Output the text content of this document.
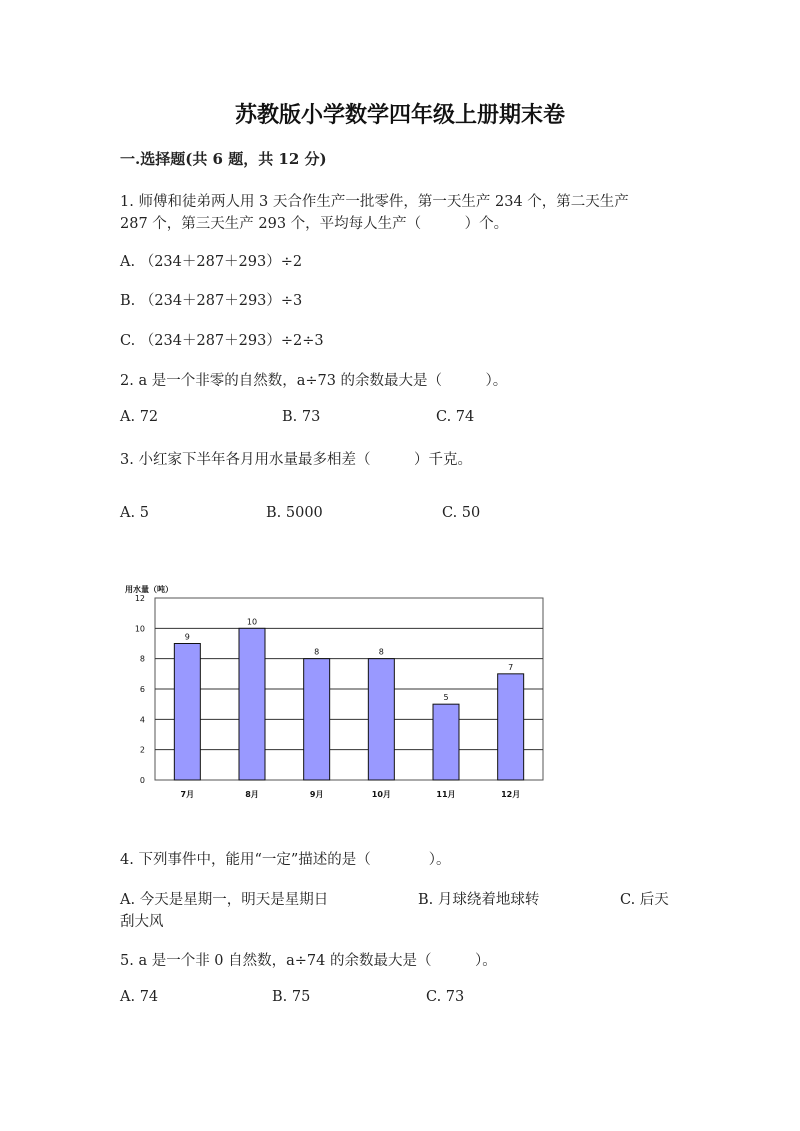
苏教版小学数学四年级上册期末卷
一.选择题(共 6 题，共 12 分)
1. 师傅和徒弟两人用 3 天合作生产一批零件，第一天生产 234 个，第二天生产
287 个，第三天生产 293 个，平均每人生产（　　　）个。
A. （234＋287＋293）÷2
B. （234＋287＋293）÷3
C. （234＋287＋293）÷2÷3
2. a 是一个非零的自然数，a÷73 的余数最大是（　　　）。
A. 72	B. 73	C. 74
3. 小红家下半年各月用水量最多相差（　　　）千克。
A. 5	B. 5000	C. 50
0
2
4
6
8
10
12
用水量（吨）
9
7月
10
8月
8
9月
8
10月
5
11月
7
12月
4. 下列事件中，能用“一定”描述的是（　　　　）。
A. 今天是星期一，明天是星期日	B. 月球绕着地球转	C. 后天
刮大风
5. a 是一个非 0 自然数，a÷74 的余数最大是（　　　）。
A. 74	B. 75	C. 73
